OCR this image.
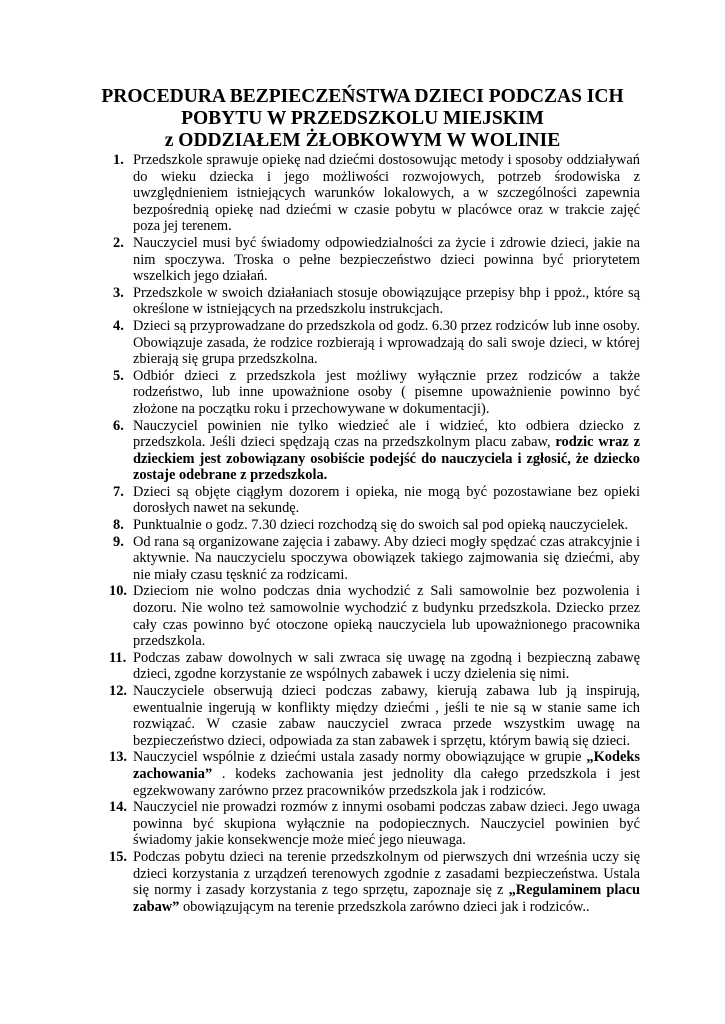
PROCEDURA BEZPIECZEŃSTWA DZIECI PODCZAS ICH
POBYTU W PRZEDSZKOLU MIEJSKIM
z ODDZIAŁEM ŻŁOBKOWYM W WOLINIE
1. Przedszkole sprawuje opiekę nad dziećmi dostosowując metody i sposoby oddziaływań do wieku dziecka i jego możliwości rozwojowych, potrzeb środowiska z uwzględnieniem istniejących warunków lokalowych, a w szczególności zapewnia bezpośrednią opiekę nad dziećmi w czasie pobytu w placówce oraz w trakcie zajęć poza jej terenem.
2. Nauczyciel musi być świadomy odpowiedzialności za życie i zdrowie dzieci, jakie na nim spoczywa. Troska o pełne bezpieczeństwo dzieci powinna być priorytetem wszelkich jego działań.
3. Przedszkole w swoich działaniach stosuje obowiązujące przepisy bhp i ppoż., które są określone w istniejących na przedszkolu instrukcjach.
4. Dzieci są przyprowadzane do przedszkola od godz. 6.30 przez rodziców lub inne osoby. Obowiązuje zasada, że rodzice rozbierają i wprowadzają do sali swoje dzieci, w której zbierają się grupa przedszkolna.
5. Odbiór dzieci z przedszkola jest możliwy wyłącznie przez rodziców a także rodzeństwo, lub inne upoważnione osoby ( pisemne upoważnienie powinno być złożone na początku roku i przechowywane w dokumentacji).
6. Nauczyciel powinien nie tylko wiedzieć ale i widzieć, kto odbiera dziecko z przedszkola. Jeśli dzieci spędzają czas na przedszkolnym placu zabaw, rodzic wraz z dzieckiem jest zobowiązany osobiście podejść do nauczyciela i zgłosić, że dziecko zostaje odebrane z przedszkola.
7. Dzieci są objęte ciągłym dozorem i opieka, nie mogą być pozostawiane bez opieki dorosłych nawet na sekundę.
8. Punktualnie o godz. 7.30 dzieci rozchodzą się do swoich sal pod opieką nauczycielek.
9. Od rana są organizowane zajęcia i zabawy. Aby dzieci mogły spędzać czas atrakcyjnie i aktywnie. Na nauczycielu spoczywa obowiązek takiego zajmowania się dziećmi, aby nie miały czasu tęsknić za rodzicami.
10. Dzieciom nie wolno podczas dnia wychodzić z Sali samowolnie bez pozwolenia i dozoru. Nie wolno też samowolnie wychodzić z budynku przedszkola. Dziecko przez cały czas powinno być otoczone opieką nauczyciela lub upoważnionego pracownika przedszkola.
11. Podczas zabaw dowolnych w sali zwraca się uwagę na zgodną i bezpieczną zabawę dzieci, zgodne korzystanie ze wspólnych zabawek i uczy dzielenia się nimi.
12. Nauczyciele obserwują dzieci podczas zabawy, kierują zabawa lub ją inspirują, ewentualnie ingerują w konflikty między dziećmi , jeśli te nie są w stanie same ich rozwiązać. W czasie zabaw nauczyciel zwraca przede wszystkim uwagę na bezpieczeństwo dzieci, odpowiada za stan zabawek i sprzętu, którym bawią się dzieci.
13. Nauczyciel wspólnie z dziećmi ustala zasady normy obowiązujące w grupie „Kodeks zachowania” . kodeks zachowania jest jednolity dla całego przedszkola i jest egzekwowany zarówno przez pracowników przedszkola jak i rodziców.
14. Nauczyciel nie prowadzi rozmów z innymi osobami podczas zabaw dzieci. Jego uwaga powinna być skupiona wyłącznie na podopiecznych. Nauczyciel powinien być świadomy jakie konsekwencje może mieć jego nieuwaga.
15. Podczas pobytu dzieci na terenie przedszkolnym od pierwszych dni września uczy się dzieci korzystania z urządzeń terenowych zgodnie z zasadami bezpieczeństwa. Ustala się normy i zasady korzystania z tego sprzętu, zapoznaje się z „Regulaminem placu zabaw” obowiązującym na terenie przedszkola zarówno dzieci jak i rodziców..
